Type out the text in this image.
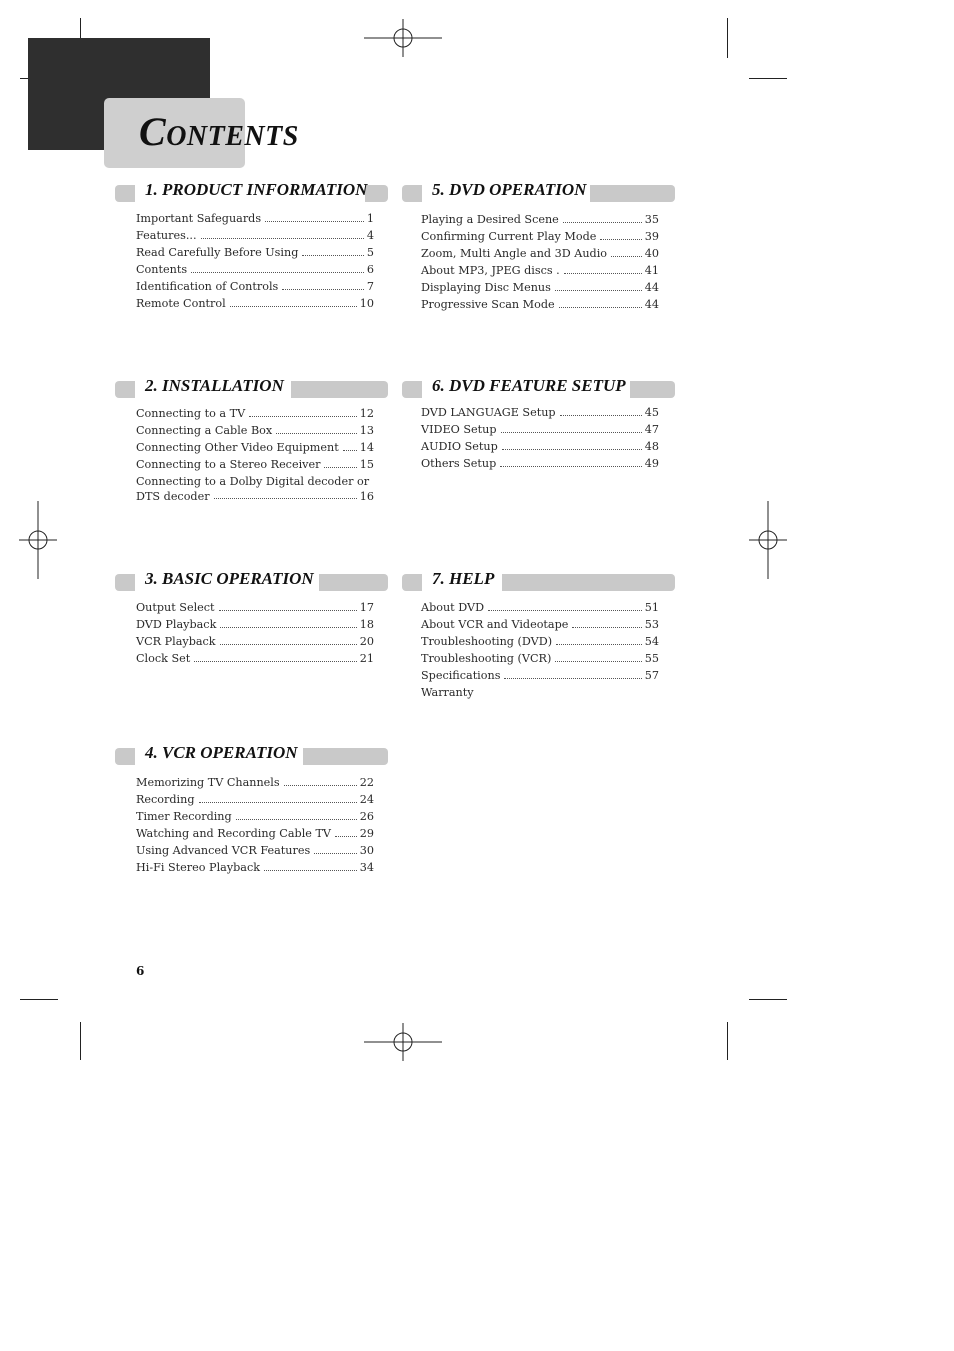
CONTENTS
1. PRODUCT INFORMATION
Important Safeguards	1
Features...	4
Read Carefully Before Using	5
Contents	6
Identification of Controls	7
Remote Control	10
2. INSTALLATION
Connecting to a TV	12
Connecting a Cable Box	13
Connecting Other Video Equipment 14
Connecting to a Stereo Receiver	15
Connecting to a Dolby Digital decoder or
DTS decoder	16
3. BASIC OPERATION
Output Select	17
DVD Playback	18
VCR Playback	20
Clock Set	21
4. VCR OPERATION
Memorizing TV Channels	22
Recording	24
Timer Recording	26
Watching and Recording Cable TV	29
Using Advanced VCR Features	30
Hi-Fi Stereo Playback	34
5. DVD OPERATION
Playing a Desired Scene	35
Confirming Current Play Mode	39
Zoom, Multi Angle and 3D Audio	40
About MP3, JPEG discs .	41
Displaying Disc Menus	44
Progressive Scan Mode	44
6. DVD FEATURE SETUP
DVD LANGUAGE Setup	45
VIDEO Setup	47
AUDIO Setup	48
Others Setup	49
7. HELP
About DVD	51
About VCR and Videotape	53
Troubleshooting (DVD)	54
Troubleshooting (VCR)	55
Specifications	57
Warranty
6
